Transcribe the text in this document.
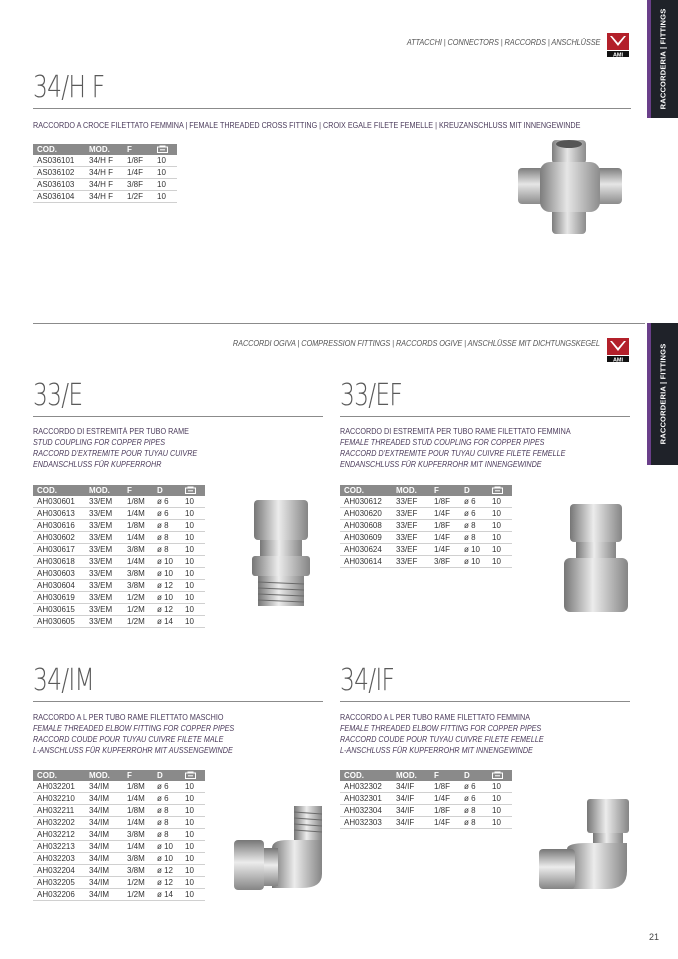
ATTACCHI | CONNECTORS | RACCORDS | ANSCHLÜSSE
AMI	RACCORDERIA | FITTINGS
34/H F
RACCORDO A CROCE FILETTATO FEMMINA | FEMALE THREADED CROSS FITTING | CROIX EGALE FILETE FEMELLE | KREUZANSCHLUSS MIT INNENGEWINDE
COD.	MOD.	F	
AS036101	34/H F	1/8F	10
AS036102	34/H F	1/4F	10
AS036103	34/H F	3/8F	10
AS036104	34/H F	1/2F	10
RACCORDI OGIVA | COMPRESSION FITTINGS | RACCORDS OGIVE | ANSCHLÜSSE MIT DICHTUNGSKEGEL
AMI	RACCORDERIA | FITTINGS
33/E
RACCORDO DI ESTREMITÀ PER TUBO RAME
STUD COUPLING FOR COPPER PIPES
RACCORD D'EXTREMITE POUR TUYAU CUIVRE
ENDANSCHLUSS FÜR KUPFERROHR
COD.	MOD.	F	D	
AH030601	33/EM	1/8M	ø 6	10
AH030613	33/EM	1/4M	ø 6	10
AH030616	33/EM	1/8M	ø 8	10
AH030602	33/EM	1/4M	ø 8	10
AH030617	33/EM	3/8M	ø 8	10
AH030618	33/EM	1/4M	ø 10	10
AH030603	33/EM	3/8M	ø 10	10
AH030604	33/EM	3/8M	ø 12	10
AH030619	33/EM	1/2M	ø 10	10
AH030615	33/EM	1/2M	ø 12	10
AH030605	33/EM	1/2M	ø 14	10
33/EF
RACCORDO DI ESTREMITÀ PER TUBO RAME FILETTATO FEMMINA
FEMALE THREADED STUD COUPLING FOR COPPER PIPES
RACCORD D'EXTREMITE POUR TUYAU CUIVRE FILETE FEMELLE
ENDANSCHLUSS FÜR KUPFERROHR MIT INNENGEWINDE
COD.	MOD.	F	D	
AH030612	33/EF	1/8F	ø 6	10
AH030620	33/EF	1/4F	ø 6	10
AH030608	33/EF	1/8F	ø 8	10
AH030609	33/EF	1/4F	ø 8	10
AH030624	33/EF	1/4F	ø 10	10
AH030614	33/EF	3/8F	ø 10	10
34/IM
RACCORDO A L PER TUBO RAME FILETTATO MASCHIO
FEMALE THREADED ELBOW FITTING FOR COPPER PIPES
RACCORD COUDE POUR TUYAU CUIVRE FILETE MALE
L-ANSCHLUSS FÜR KUPFERROHR MIT AUSSENGEWINDE
COD.	MOD.	F	D	
AH032201	34/IM	1/8M	ø 6	10
AH032210	34/IM	1/4M	ø 6	10
AH032211	34/IM	1/8M	ø 8	10
AH032202	34/IM	1/4M	ø 8	10
AH032212	34/IM	3/8M	ø 8	10
AH032213	34/IM	1/4M	ø 10	10
AH032203	34/IM	3/8M	ø 10	10
AH032204	34/IM	3/8M	ø 12	10
AH032205	34/IM	1/2M	ø 12	10
AH032206	34/IM	1/2M	ø 14	10
34/IF
RACCORDO A L PER TUBO RAME FILETTATO FEMMINA
FEMALE THREADED ELBOW FITTING FOR COPPER PIPES
RACCORD COUDE POUR TUYAU CUIVRE FILETE FEMELLE
L-ANSCHLUSS FÜR KUPFERROHR MIT INNENGEWINDE
COD.	MOD.	F	D	
AH032302	34/IF	1/8F	ø 6	10
AH032301	34/IF	1/4F	ø 6	10
AH032304	34/IF	1/8F	ø 8	10
AH032303	34/IF	1/4F	ø 8	10
21
